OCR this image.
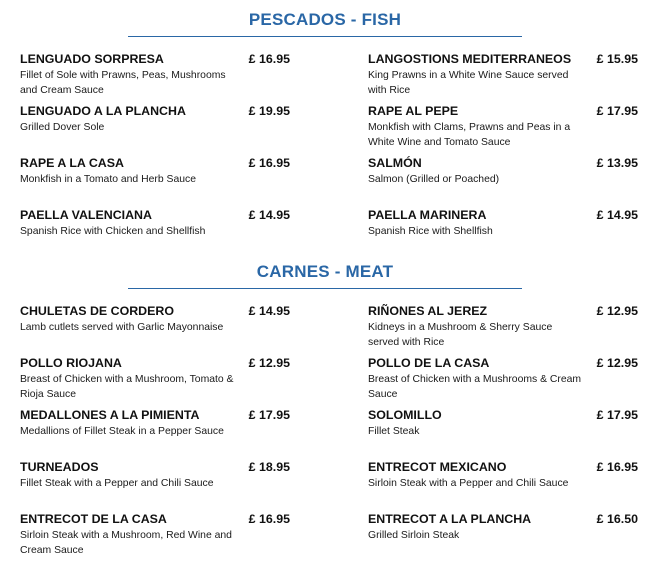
PESCADOS - FISH
LENGUADO SORPRESA	£ 16.95
Fillet of Sole with Prawns, Peas, Mushrooms and Cream Sauce
LENGUADO A LA PLANCHA	£ 19.95
Grilled Dover Sole
RAPE A LA CASA	£ 16.95
Monkfish in a Tomato and Herb Sauce
PAELLA VALENCIANA	£ 14.95
Spanish Rice with Chicken and Shellfish
LANGOSTIONS MEDITERRANEOS	£ 15.95
King Prawns in a White Wine Sauce served with Rice
RAPE AL PEPE	£ 17.95
Monkfish with Clams, Prawns and Peas in a White Wine and Tomato Sauce
SALMÓN	£ 13.95
Salmon (Grilled or Poached)
PAELLA MARINERA	£ 14.95
Spanish Rice with Shellfish
CARNES - MEAT
CHULETAS DE CORDERO	£ 14.95
Lamb cutlets served with Garlic Mayonnaise
POLLO RIOJANA	£ 12.95
Breast of Chicken with a Mushroom, Tomato & Rioja Sauce
MEDALLONES A LA PIMIENTA	£ 17.95
Medallions of Fillet Steak in a Pepper Sauce
TURNEADOS	£ 18.95
Fillet Steak with a Pepper and Chili Sauce
ENTRECOT DE LA CASA	£ 16.95
Sirloin Steak with a Mushroom, Red Wine and Cream Sauce
RIÑONES AL JEREZ	£ 12.95
Kidneys in a Mushroom & Sherry Sauce served with Rice
POLLO DE LA CASA	£ 12.95
Breast of Chicken with a Mushrooms & Cream Sauce
SOLOMILLO	£ 17.95
Fillet Steak
ENTRECOT MEXICANO	£ 16.95
Sirloin Steak with a Pepper and Chili Sauce
ENTRECOT A LA PLANCHA	£ 16.50
Grilled Sirloin Steak
